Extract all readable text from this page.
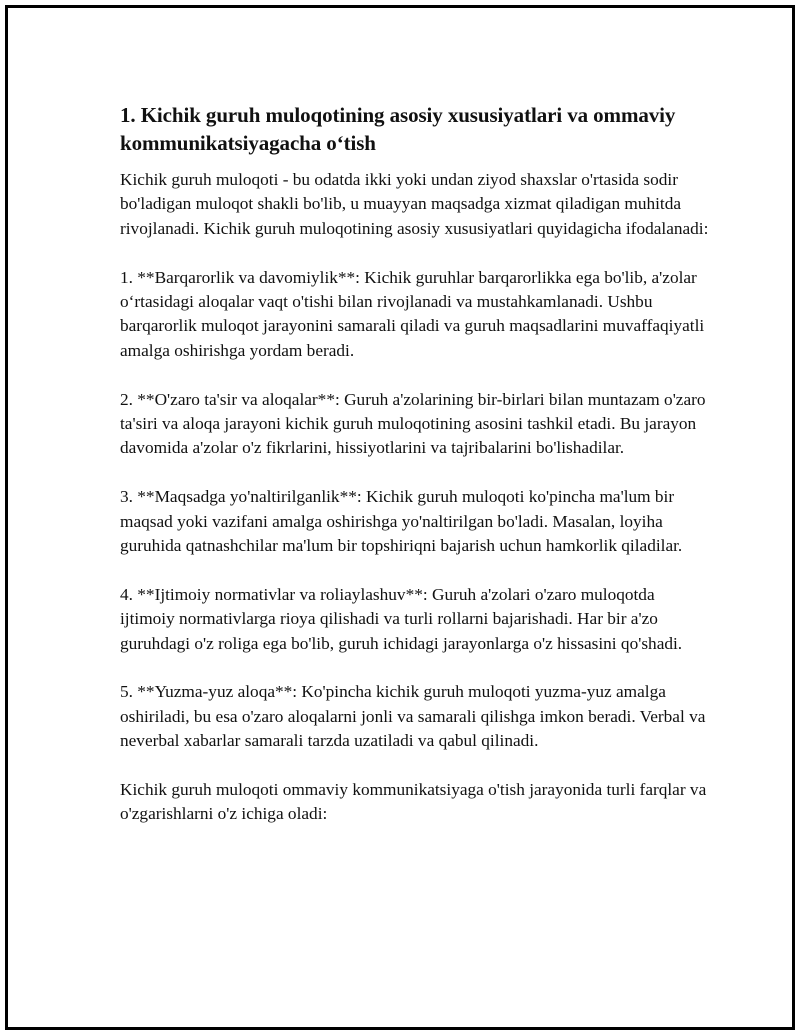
1. Kichik guruh muloqotining asosiy xususiyatlari va ommaviy kommunikatsiyagacha o‘tish

Kichik guruh muloqoti - bu odatda ikki yoki undan ziyod shaxslar o'rtasida sodir bo'ladigan muloqot shakli bo'lib, u muayyan maqsadga xizmat qiladigan muhitda rivojlanadi. Kichik guruh muloqotining asosiy xususiyatlari quyidagicha ifodalanadi:

1. **Barqarorlik va davomiylik**: Kichik guruhlar barqarorlikka ega bo'lib, a'zolar o‘rtasidagi aloqalar vaqt o'tishi bilan rivojlanadi va mustahkamlanadi. Ushbu barqarorlik muloqot jarayonini samarali qiladi va guruh maqsadlarini muvaffaqiyatli amalga oshirishga yordam beradi.

2. **O'zaro ta'sir va aloqalar**: Guruh a'zolarining bir-birlari bilan muntazam o'zaro ta'siri va aloqa jarayoni kichik guruh muloqotining asosini tashkil etadi. Bu jarayon davomida a'zolar o'z fikrlarini, hissiyotlarini va tajribalarini bo'lishadilar.

3. **Maqsadga yo'naltirilganlik**: Kichik guruh muloqoti ko'pincha ma'lum bir maqsad yoki vazifani amalga oshirishga yo'naltirilgan bo'ladi. Masalan, loyiha guruhida qatnashchilar ma'lum bir topshiriqni bajarish uchun hamkorlik qiladilar.

4. **Ijtimoiy normativlar va roliaylashuv**: Guruh a'zolari o'zaro muloqotda ijtimoiy normativlarga rioya qilishadi va turli rollarni bajarishadi. Har bir a'zo guruhdagi o'z roliga ega bo'lib, guruh ichidagi jarayonlarga o'z hissasini qo'shadi.

5. **Yuzma-yuz aloqa**: Ko'pincha kichik guruh muloqoti yuzma-yuz amalga oshiriladi, bu esa o'zaro aloqalarni jonli va samarali qilishga imkon beradi. Verbal va neverbal xabarlar samarali tarzda uzatiladi va qabul qilinadi.

Kichik guruh muloqoti ommaviy kommunikatsiyaga o'tish jarayonida turli farqlar va o'zgarishlarni o'z ichiga oladi:
